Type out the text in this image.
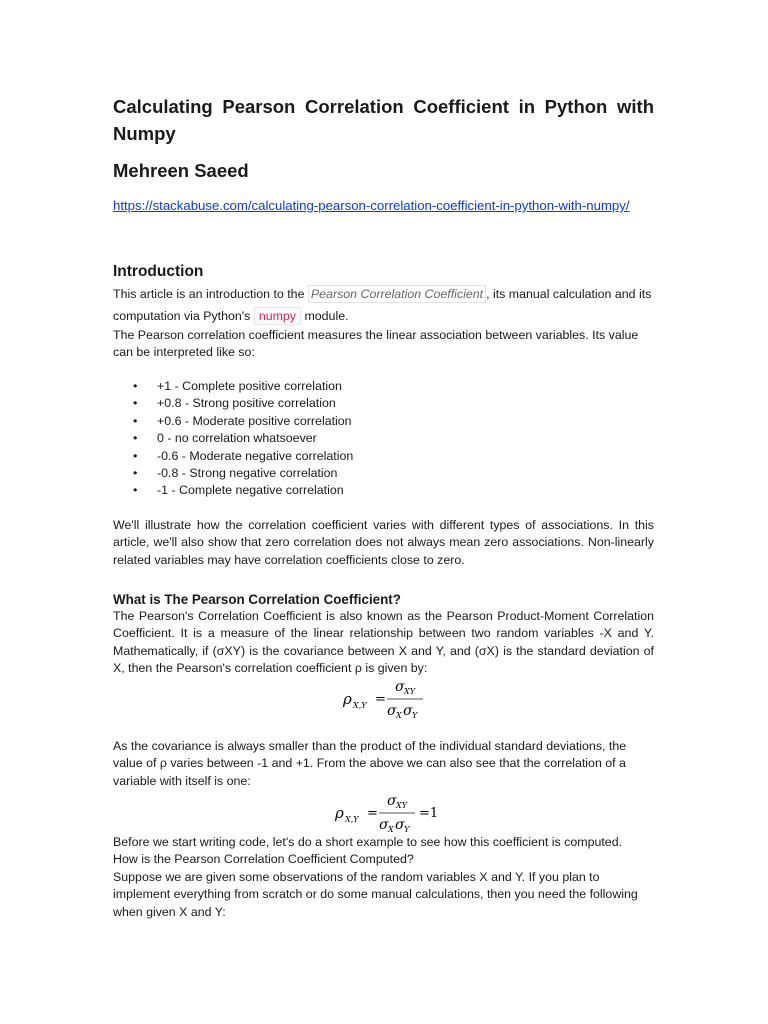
Calculating Pearson Correlation Coefficient in Python with Numpy
Mehreen Saeed
https://stackabuse.com/calculating-pearson-correlation-coefficient-in-python-with-numpy/
Introduction

This article is an introduction to the Pearson Correlation Coefficient , its manual calculation and its computation via Python's numpy module.

The Pearson correlation coefficient measures the linear association between variables. Its value can be interpreted like so:

• +1 - Complete positive correlation
• +0.8 - Strong positive correlation
• +0.6 - Moderate positive correlation
• 0 - no correlation whatsoever
• -0.6 - Moderate negative correlation
• -0.8 - Strong negative correlation
• -1 - Complete negative correlation

We'll illustrate how the correlation coefficient varies with different types of associations. In this article, we'll also show that zero correlation does not always mean zero associations. Non-linearly related variables may have correlation coefficients close to zero.

What is The Pearson Correlation Coefficient?

The Pearson's Correlation Coefficient is also known as the Pearson Product-Moment Correlation Coefficient. It is a measure of the linear relationship between two random variables -X and Y. Mathematically, if (σXY) is the covariance between X and Y, and (σX) is the standard deviation of X, then the Pearson's correlation coefficient ρ is given by:

ρ X,Y =
σ XY
σ X σ Y

As the covariance is always smaller than the product of the individual standard deviations, the value of ρ varies between -1 and +1. From the above we can also see that the correlation of a variable with itself is one:

ρ X,Y =
σ XY
σ X σ Y
=1

Before we start writing code, let's do a short example to see how this coefficient is computed.

How is the Pearson Correlation Coefficient Computed?

Suppose we are given some observations of the random variables X and Y. If you plan to implement everything from scratch or do some manual calculations, then you need the following when given X and Y:
